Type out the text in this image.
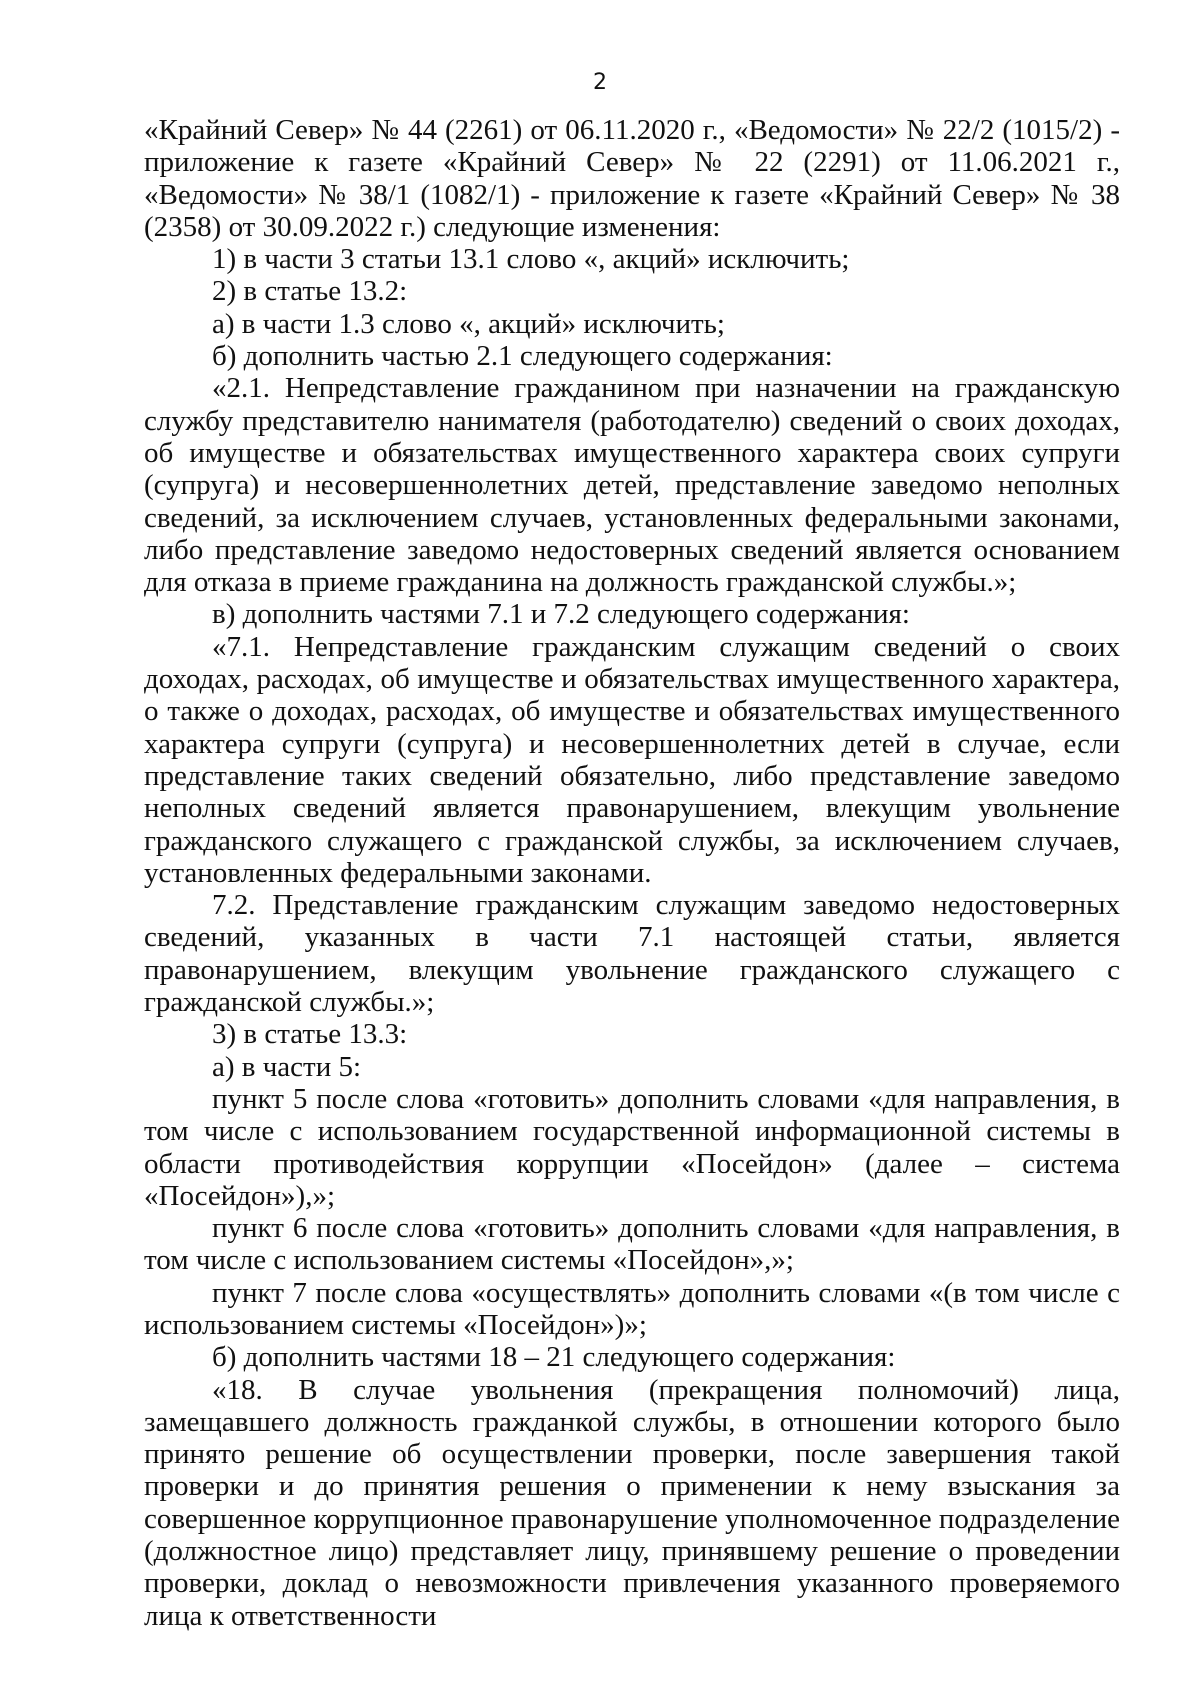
2

«Крайний Север» № 44 (2261) от 06.11.2020 г., «Ведомости» № 22/2 (1015/2) - приложение к газете «Крайний Север» № 22 (2291) от 11.06.2021 г., «Ведомости» № 38/1 (1082/1) - приложение к газете «Крайний Север» № 38 (2358) от 30.09.2022 г.) следующие изменения:

1) в части 3 статьи 13.1 слово «, акций» исключить;

2) в статье 13.2:

а) в части 1.3 слово «, акций» исключить;

б) дополнить частью 2.1 следующего содержания:

«2.1. Непредставление гражданином при назначении на гражданскую службу представителю нанимателя (работодателю) сведений о своих доходах, об имуществе и обязательствах имущественного характера своих супруги (супруга) и несовершеннолетних детей, представление заведомо неполных сведений, за исключением случаев, установленных федеральными законами, либо представление заведомо недостоверных сведений является основанием для отказа в приеме гражданина на должность гражданской службы.»;

в) дополнить частями 7.1 и 7.2 следующего содержания:

«7.1. Непредставление гражданским служащим сведений о своих доходах, расходах, об имуществе и обязательствах имущественного характера, о также о доходах, расходах, об имуществе и обязательствах имущественного характера супруги (супруга) и несовершеннолетних детей в случае, если представление таких сведений обязательно, либо представление заведомо неполных сведений является правонарушением, влекущим увольнение гражданского служащего с гражданской службы, за исключением случаев, установленных федеральными законами.

7.2. Представление гражданским служащим заведомо недостоверных сведений, указанных в части 7.1 настоящей статьи, является правонарушением, влекущим увольнение гражданского служащего с гражданской службы.»;

3) в статье 13.3:

а) в части 5:

пункт 5 после слова «готовить» дополнить словами «для направления, в том числе с использованием государственной информационной системы в области противодействия коррупции «Посейдон» (далее – система «Посейдон»),»;

пункт 6 после слова «готовить» дополнить словами «для направления, в том числе с использованием системы «Посейдон»,»;

пункт 7 после слова «осуществлять» дополнить словами «(в том числе с использованием системы «Посейдон»)»;

б) дополнить частями 18 – 21 следующего содержания:

«18. В случае увольнения (прекращения полномочий) лица, замещавшего должность гражданкой службы, в отношении которого было принято решение об осуществлении проверки, после завершения такой проверки и до принятия решения о применении к нему взыскания за совершенное коррупционное правонарушение уполномоченное подразделение (должностное лицо) представляет лицу, принявшему решение о проведении проверки, доклад о невозможности привлечения указанного проверяемого лица к ответственности
